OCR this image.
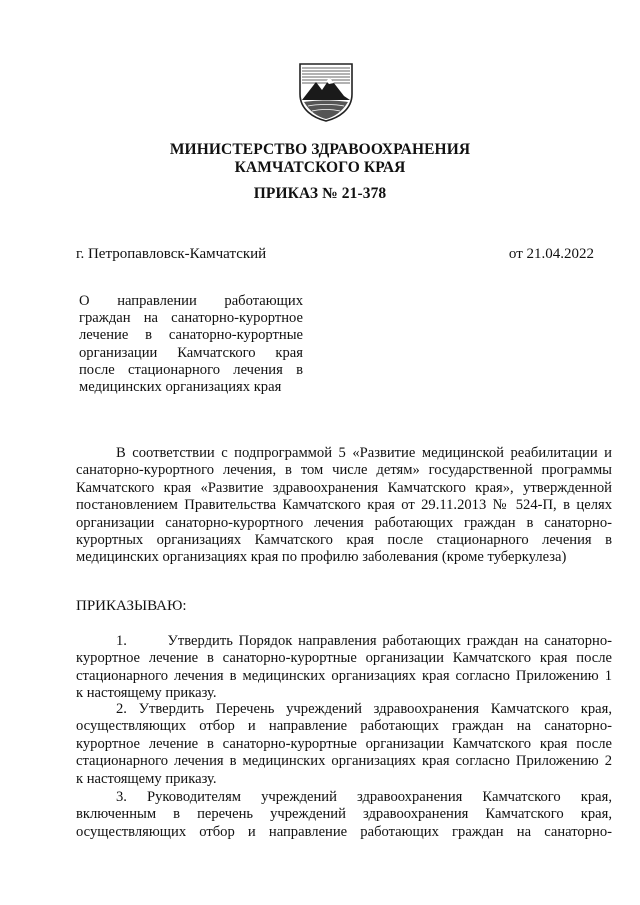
МИНИСТЕРСТВО ЗДРАВООХРАНЕНИЯ
КАМЧАТСКОГО КРАЯ
ПРИКАЗ № 21-378
г. Петропавловск-Камчатский	от 21.04.2022
О направлении работающих
граждан на санаторно-курортное
лечение в санаторно-курортные
организации Камчатского края
после стационарного лечения в
медицинских организациях края
В соответствии с подпрограммой 5 «Развитие медицинской реабилитации и
санаторно-курортного лечения, в том числе детям» государственной программы
Камчатского края «Развитие здравоохранения Камчатского края», утвержденной
постановлением Правительства Камчатского края от 29.11.2013 № 524-П, в целях
организации санаторно-курортного лечения работающих граждан в санаторно-
курортных организациях Камчатского края после стационарного лечения в
медицинских организациях края по профилю заболевания (кроме туберкулеза)
ПРИКАЗЫВАЮ:
1.       Утвердить Порядок направления работающих граждан на санаторно-
курортное лечение в санаторно-курортные организации Камчатского края после
стационарного лечения в медицинских организациях края согласно Приложению 1
к настоящему приказу.
2. Утвердить Перечень учреждений здравоохранения Камчатского края,
осуществляющих отбор и направление работающих граждан на санаторно-
курортное лечение в санаторно-курортные организации Камчатского края после
стационарного лечения в медицинских организациях края согласно Приложению 2
к настоящему приказу.
3. Руководителям учреждений здравоохранения Камчатского края,
включенным в перечень учреждений здравоохранения Камчатского края,
осуществляющих отбор и направление работающих граждан на санаторно-
